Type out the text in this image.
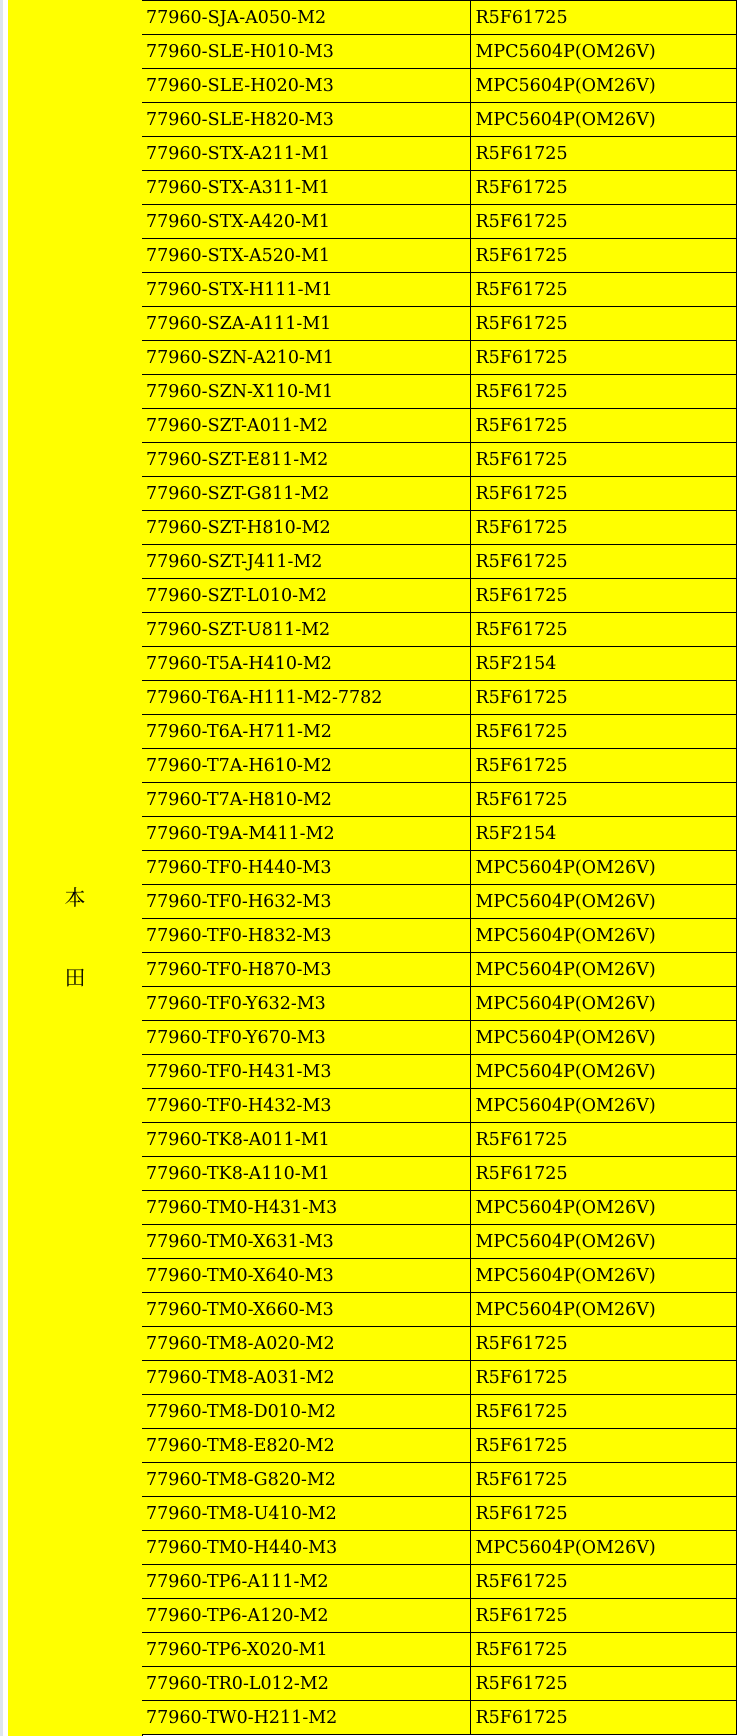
本
田
77960-SJA-A050-M2	R5F61725
77960-SLE-H010-M3	MPC5604P(OM26V)
77960-SLE-H020-M3	MPC5604P(OM26V)
77960-SLE-H820-M3	MPC5604P(OM26V)
77960-STX-A211-M1	R5F61725
77960-STX-A311-M1	R5F61725
77960-STX-A420-M1	R5F61725
77960-STX-A520-M1	R5F61725
77960-STX-H111-M1	R5F61725
77960-SZA-A111-M1	R5F61725
77960-SZN-A210-M1	R5F61725
77960-SZN-X110-M1	R5F61725
77960-SZT-A011-M2	R5F61725
77960-SZT-E811-M2	R5F61725
77960-SZT-G811-M2	R5F61725
77960-SZT-H810-M2	R5F61725
77960-SZT-J411-M2	R5F61725
77960-SZT-L010-M2	R5F61725
77960-SZT-U811-M2	R5F61725
77960-T5A-H410-M2	R5F2154
77960-T6A-H111-M2-7782	R5F61725
77960-T6A-H711-M2	R5F61725
77960-T7A-H610-M2	R5F61725
77960-T7A-H810-M2	R5F61725
77960-T9A-M411-M2	R5F2154
77960-TF0-H440-M3	MPC5604P(OM26V)
77960-TF0-H632-M3	MPC5604P(OM26V)
77960-TF0-H832-M3	MPC5604P(OM26V)
77960-TF0-H870-M3	MPC5604P(OM26V)
77960-TF0-Y632-M3	MPC5604P(OM26V)
77960-TF0-Y670-M3	MPC5604P(OM26V)
77960-TF0-H431-M3	MPC5604P(OM26V)
77960-TF0-H432-M3	MPC5604P(OM26V)
77960-TK8-A011-M1	R5F61725
77960-TK8-A110-M1	R5F61725
77960-TM0-H431-M3	MPC5604P(OM26V)
77960-TM0-X631-M3	MPC5604P(OM26V)
77960-TM0-X640-M3	MPC5604P(OM26V)
77960-TM0-X660-M3	MPC5604P(OM26V)
77960-TM8-A020-M2	R5F61725
77960-TM8-A031-M2	R5F61725
77960-TM8-D010-M2	R5F61725
77960-TM8-E820-M2	R5F61725
77960-TM8-G820-M2	R5F61725
77960-TM8-U410-M2	R5F61725
77960-TM0-H440-M3	MPC5604P(OM26V)
77960-TP6-A111-M2	R5F61725
77960-TP6-A120-M2	R5F61725
77960-TP6-X020-M1	R5F61725
77960-TR0-L012-M2	R5F61725
77960-TW0-H211-M2	R5F61725
